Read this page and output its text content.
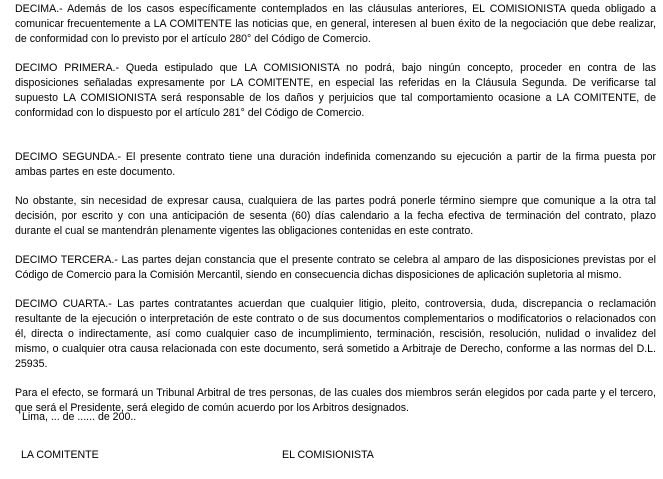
DECIMA.- Además de los casos específicamente contemplados en las cláusulas anteriores, EL COMISIONISTA queda obligado a comunicar frecuentemente a LA COMITENTE las noticias que, en general, interesen al buen éxito de la negociación que debe realizar, de conformidad con lo previsto por el artículo 280° del Código de Comercio.

DECIMO PRIMERA.- Queda estipulado que LA COMISIONISTA no podrá, bajo ningún concepto, proceder en contra de las disposiciones señaladas expresamente por LA COMITENTE, en especial las referidas en la Cláusula Segunda. De verificarse tal supuesto LA COMISIONISTA será responsable de los daños y perjuicios que tal comportamiento ocasione a LA COMITENTE, de conformidad con lo dispuesto por el artículo 281° del Código de Comercio.

DECIMO SEGUNDA.- El presente contrato tiene una duración indefinida comenzando su ejecución a partir de la firma puesta por ambas partes en este documento.

No obstante, sin necesidad de expresar causa, cualquiera de las partes podrá ponerle término siempre que comunique a la otra tal decisión, por escrito y con una anticipación de sesenta (60) días calendario a la fecha efectiva de terminación del contrato, plazo durante el cual se mantendrán plenamente vigentes las obligaciones contenidas en este contrato.

DECIMO TERCERA.- Las partes dejan constancia que el presente contrato se celebra al amparo de las disposiciones previstas por el Código de Comercio para la Comisión Mercantil, siendo en consecuencia dichas disposiciones de aplicación supletoria al mismo.

DECIMO CUARTA.- Las partes contratantes acuerdan que cualquier litigio, pleito, controversia, duda, discrepancia o reclamación resultante de la ejecución o interpretación de este contrato o de sus documentos complementarios o modificatorios o relacionados con él, directa o indirectamente, así como cualquier caso de incumplimiento, terminación, rescisión, resolución, nulidad o invalidez del mismo, o cualquier otra causa relacionada con este documento, será sometido a Arbitraje de Derecho, conforme a las normas del D.L. 25935.

Para el efecto, se formará un Tribunal Arbitral de tres personas, de las cuales dos miembros serán elegidos por cada parte y el tercero, que será el Presidente, será elegido de común acuerdo por los Arbitros designados.

Lima, ... de ...... de 200..
LA COMITENTE	EL COMISIONISTA
